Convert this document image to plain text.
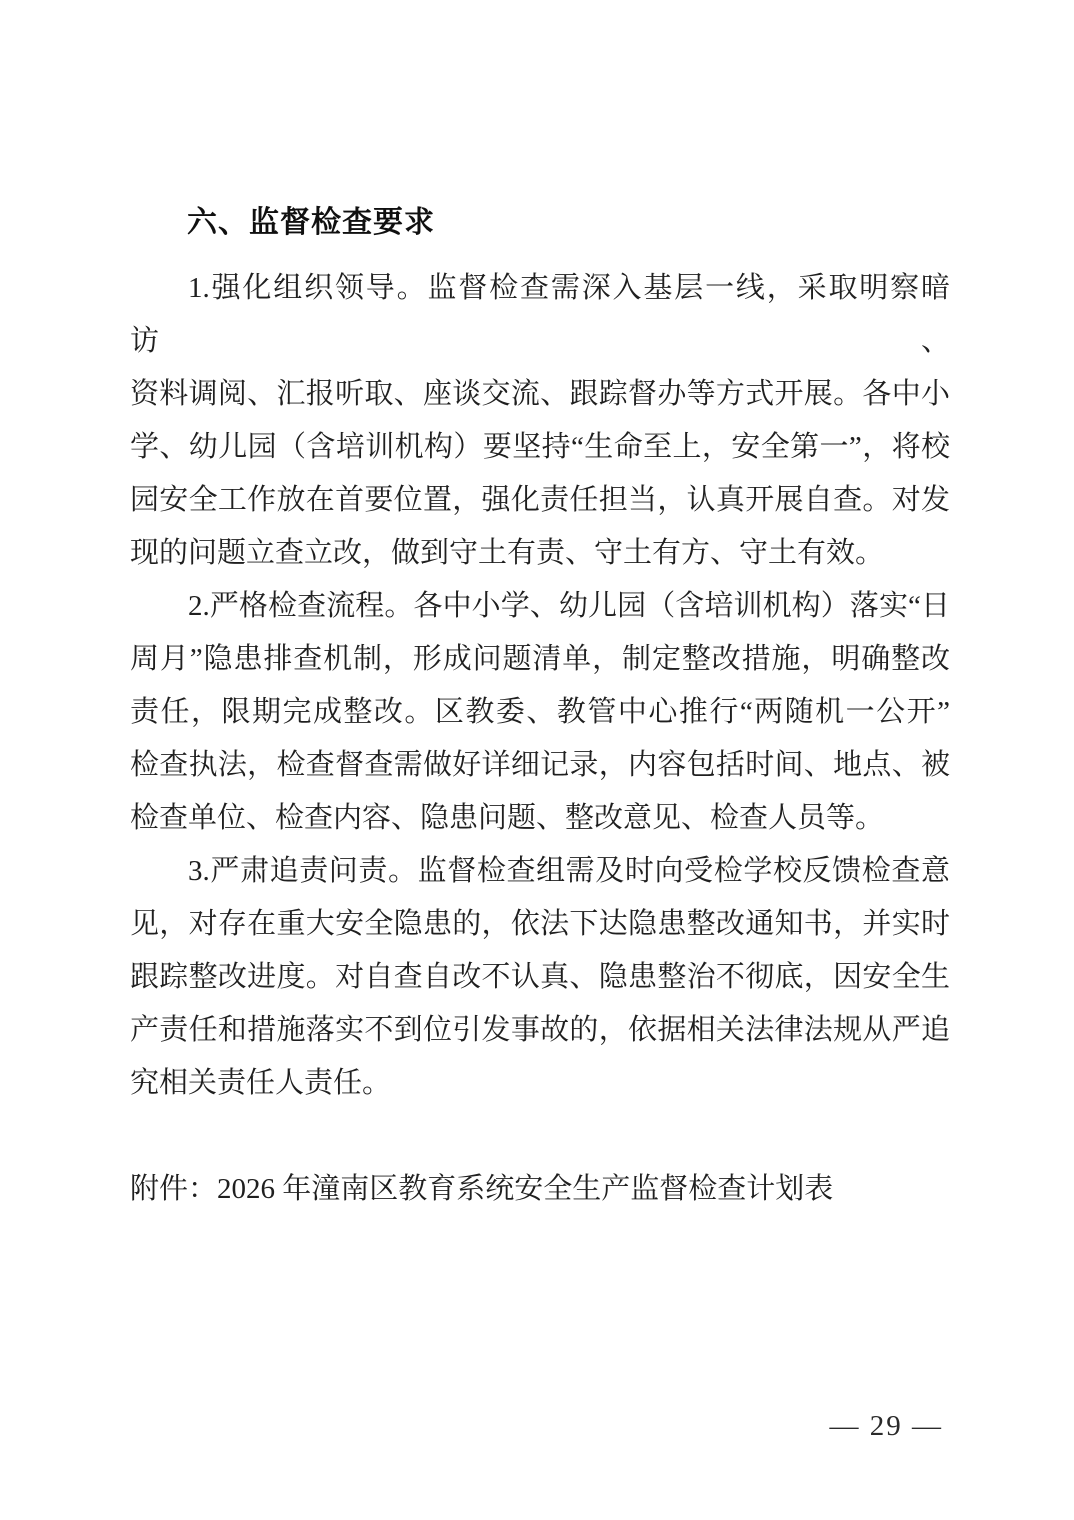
六、监督检查要求
1.强化组织领导。监督检查需深入基层一线，采取明察暗访、
资料调阅、汇报听取、座谈交流、跟踪督办等方式开展。各中小
学、幼儿园（含培训机构）要坚持“生命至上，安全第一”，将校
园安全工作放在首要位置，强化责任担当，认真开展自查。对发
现的问题立查立改，做到守土有责、守土有方、守土有效。
2.严格检查流程。各中小学、幼儿园（含培训机构）落实“日
周月”隐患排查机制，形成问题清单，制定整改措施，明确整改
责任，限期完成整改。区教委、教管中心推行“两随机一公开”
检查执法，检查督查需做好详细记录，内容包括时间、地点、被
检查单位、检查内容、隐患问题、整改意见、检查人员等。
3.严肃追责问责。监督检查组需及时向受检学校反馈检查意
见，对存在重大安全隐患的，依法下达隐患整改通知书，并实时
跟踪整改进度。对自查自改不认真、隐患整治不彻底，因安全生
产责任和措施落实不到位引发事故的，依据相关法律法规从严追
究相关责任人责任。
附件：2026 年潼南区教育系统安全生产监督检查计划表
— 29 —
